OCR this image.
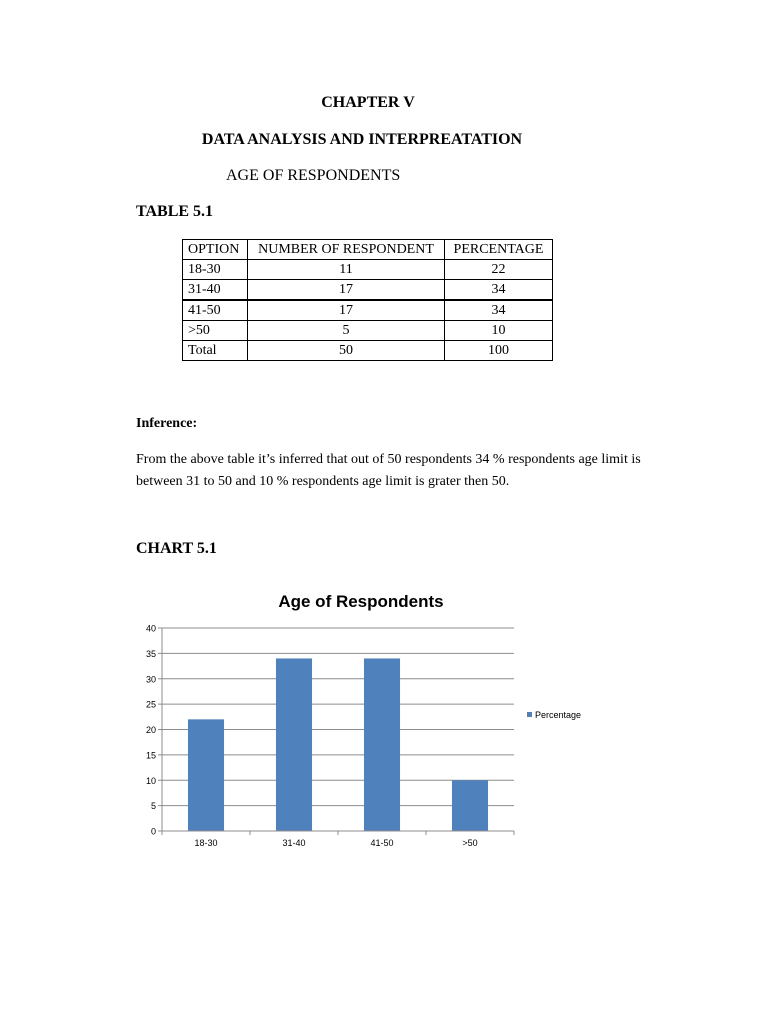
CHAPTER V
DATA ANALYSIS AND INTERPREATATION
AGE OF RESPONDENTS
TABLE 5.1
OPTION	NUMBER OF RESPONDENT	PERCENTAGE
18-30	11	22
31-40	17	34
41-50	17	34
>50	5	10
Total	50	100
Inference:
From the above table it’s inferred that out of 50 respondents 34 % respondents age limit is between 31 to 50 and 10 % respondents age limit is grater then 50.
CHART 5.1
Age of Respondents
0
5
10
15
20
25
30
35
40
18-30	31-40	41-50	>50
Percentage
